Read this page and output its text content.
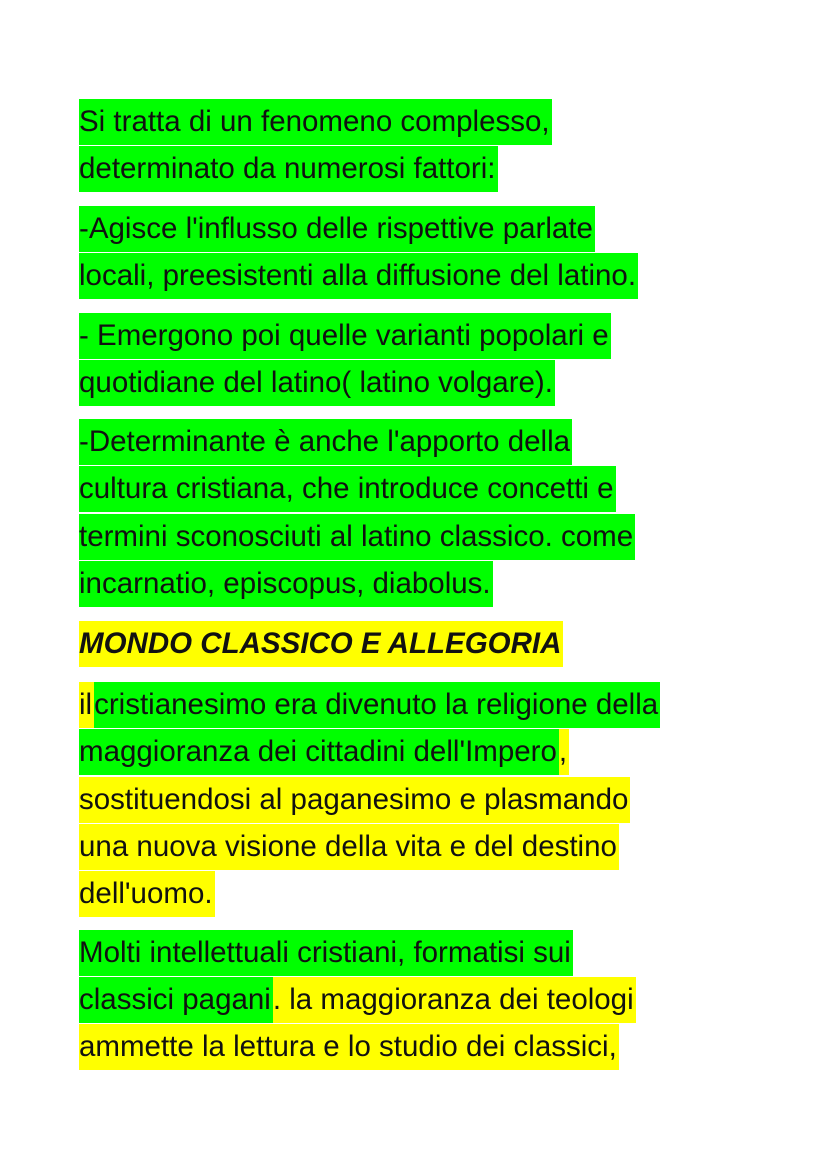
Si tratta di un fenomeno complesso,
determinato da numerosi fattori:
-Agisce l'influsso delle rispettive parlate
locali, preesistenti alla diffusione del latino.
- Emergono poi quelle varianti popolari e
quotidiane del latino( latino volgare).
-Determinante è anche l'apporto della
cultura cristiana, che introduce concetti e
termini sconosciuti al latino classico. come
incarnatio, episcopus, diabolus.
MONDO CLASSICO E ALLEGORIA
ilcristianesimo era divenuto la religione della
maggioranza dei cittadini dell'Impero,
sostituendosi al paganesimo e plasmando
una nuova visione della vita e del destino
dell'uomo.
Molti intellettuali cristiani, formatisi sui
classici pagani. la maggioranza dei teologi
ammette la lettura e lo studio dei classici,
